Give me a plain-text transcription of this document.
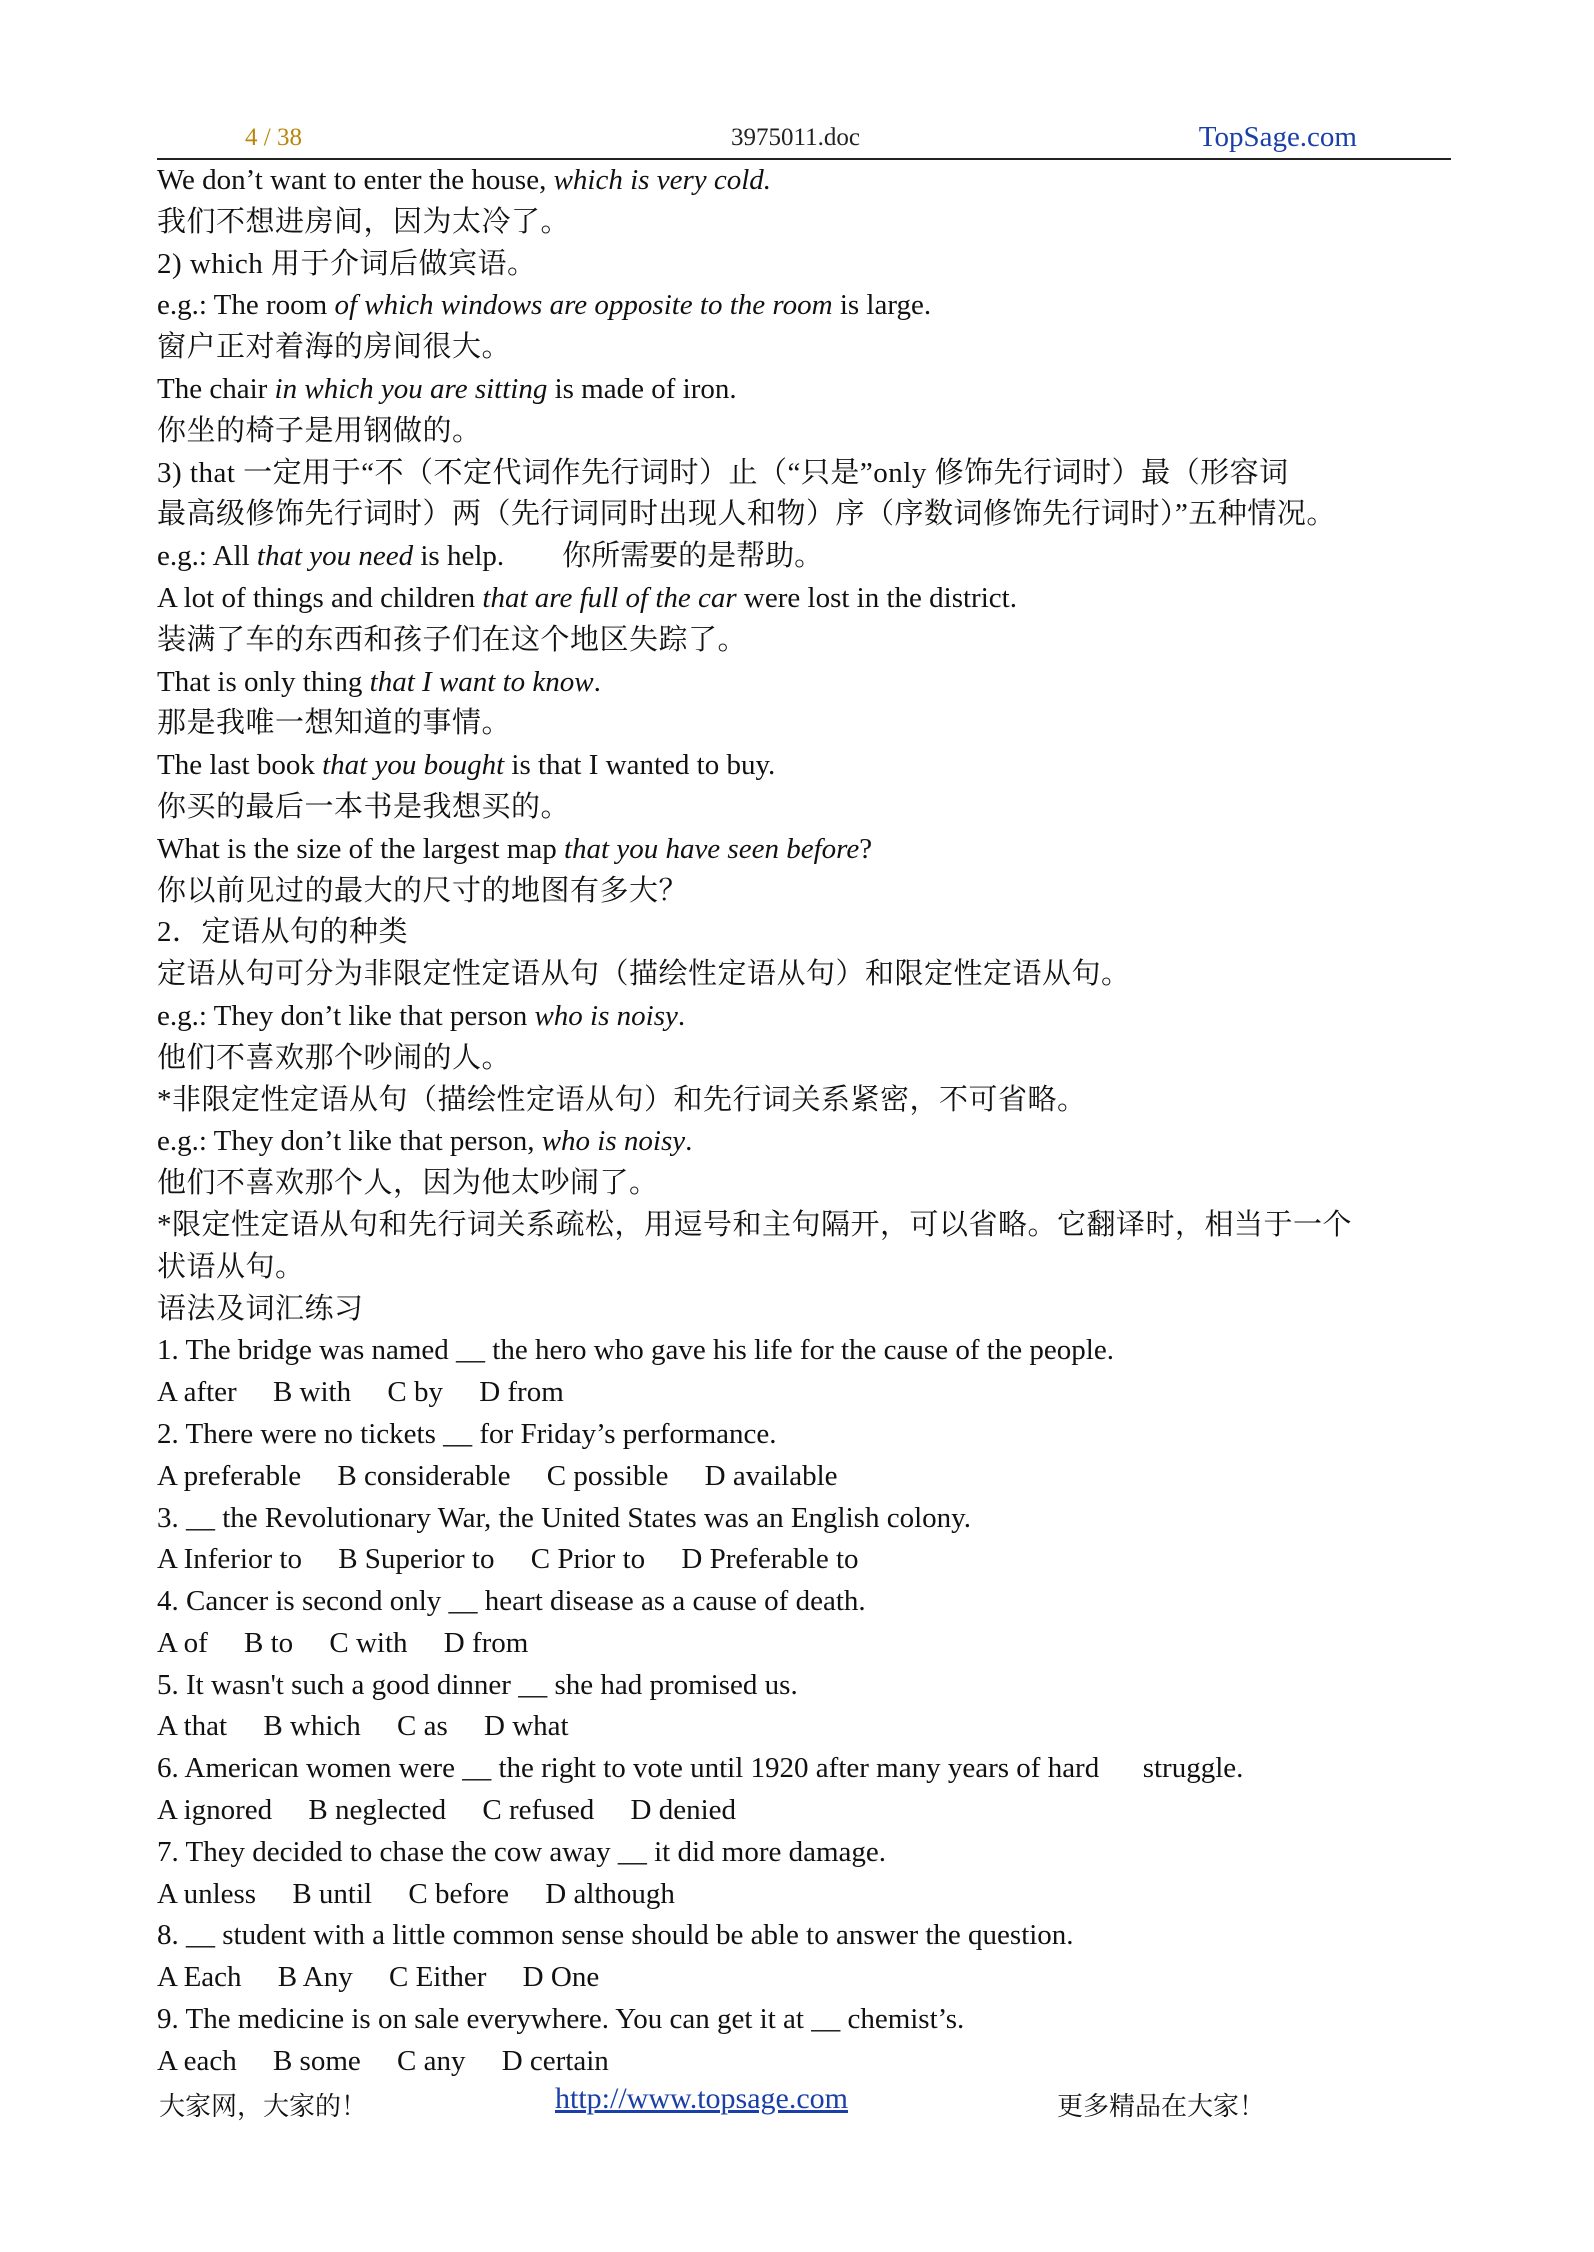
4 / 38	3975011.doc	TopSage.com
We don’t want to enter the house, which is very cold.
我们不想进房间，因为太冷了。
2) which 用于介词后做宾语。
e.g.: The room of which windows are opposite to the room is large.
窗户正对着海的房间很大。
The chair in which you are sitting is made of iron.
你坐的椅子是用钢做的。
3) that 一定用于“不（不定代词作先行词时）止（“只是”only 修饰先行词时）最（形容词
最高级修饰先行词时）两（先行词同时出现人和物）序（序数词修饰先行词时）”五种情况。
e.g.: All that you need is help.        你所需要的是帮助。
A lot of things and children that are full of the car were lost in the district.
装满了车的东西和孩子们在这个地区失踪了。
That is only thing that I want to know.
那是我唯一想知道的事情。
The last book that you bought is that I wanted to buy.
你买的最后一本书是我想买的。
What is the size of the largest map that you have seen before?
你以前见过的最大的尺寸的地图有多大？
2．定语从句的种类
定语从句可分为非限定性定语从句（描绘性定语从句）和限定性定语从句。
e.g.: They don’t like that person who is noisy.
他们不喜欢那个吵闹的人。
*非限定性定语从句（描绘性定语从句）和先行词关系紧密，不可省略。
e.g.: They don’t like that person, who is noisy.
他们不喜欢那个人，因为他太吵闹了。
*限定性定语从句和先行词关系疏松，用逗号和主句隔开，可以省略。它翻译时，相当于一个
状语从句。
语法及词汇练习
1. The bridge was named __ the hero who gave his life for the cause of the people.
A after     B with     C by     D from
2. There were no tickets __ for Friday’s performance.
A preferable     B considerable     C possible     D available
3. __ the Revolutionary War, the United States was an English colony.
A Inferior to     B Superior to     C Prior to     D Preferable to
4. Cancer is second only __ heart disease as a cause of death.
A of     B to     C with     D from
5. It wasn't such a good dinner __ she had promised us.
A that     B which     C as     D what
6. American women were __ the right to vote until 1920 after many years of hard      struggle.
A ignored     B neglected     C refused     D denied
7. They decided to chase the cow away __ it did more damage.
A unless     B until     C before     D although
8. __ student with a little common sense should be able to answer the question.
A Each     B Any     C Either     D One
9. The medicine is on sale everywhere. You can get it at __ chemist’s.
A each     B some     C any     D certain
大家网，大家的！	http://www.topsage.com	更多精品在大家！
